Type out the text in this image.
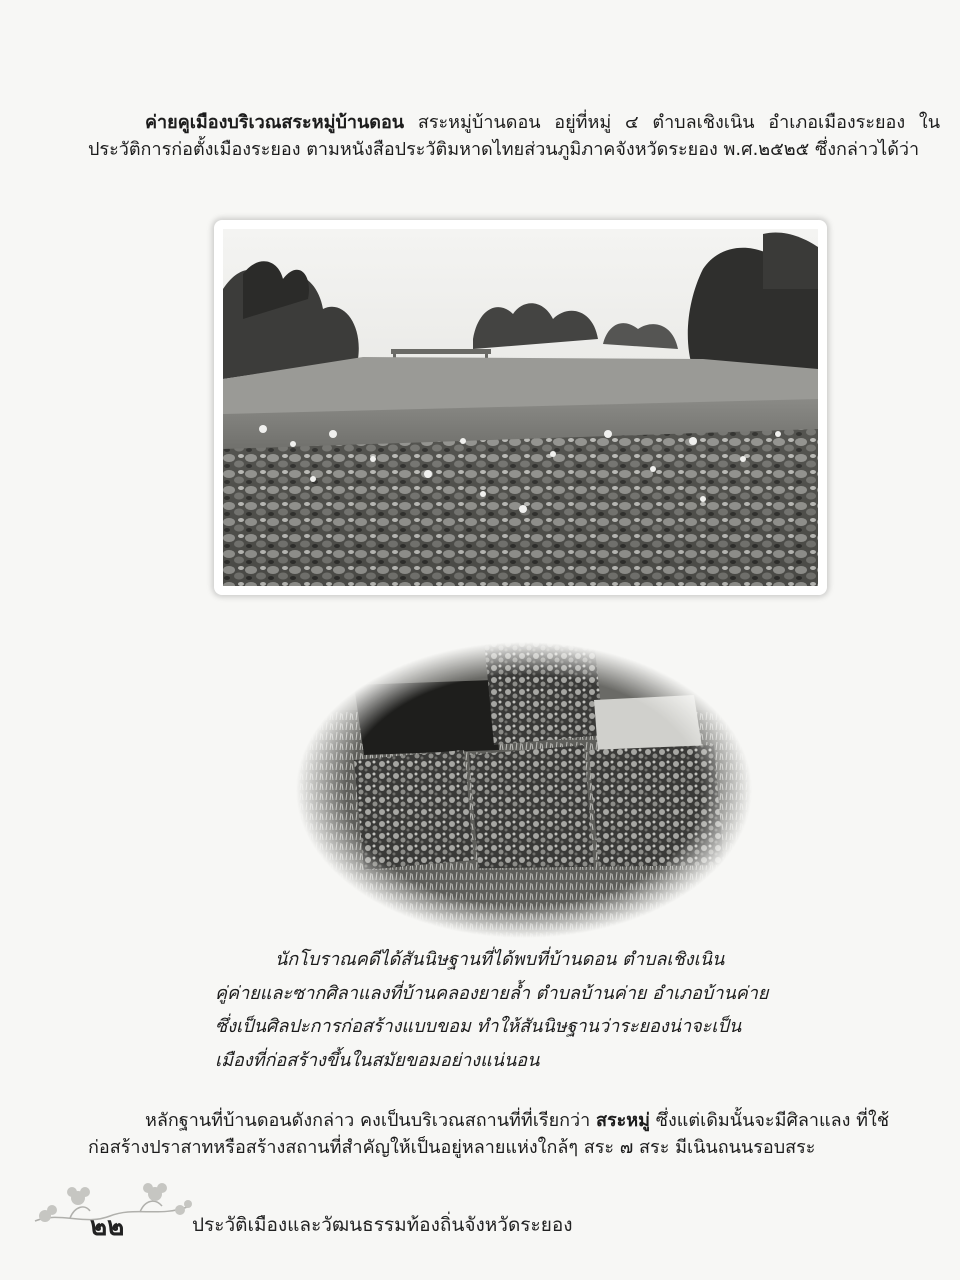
ค่ายคูเมืองบริเวณสระหมู่บ้านดอน สระหมู่บ้านดอน อยู่ที่หมู่ ๔ ตำบลเชิงเนิน อำเภอเมืองระยอง ในประวัติการก่อตั้งเมืองระยอง ตามหนังสือประวัติมหาดไทยส่วนภูมิภาคจังหวัดระยอง พ.ศ.๒๕๒๕ ซึ่งกล่าวได้ว่า

นักโบราณคดีได้สันนิษฐานที่ได้พบที่บ้านดอน ตำบลเชิงเนิน
คู่ค่ายและซากศิลาแลงที่บ้านคลองยายล้ำ ตำบลบ้านค่าย อำเภอบ้านค่าย
ซึ่งเป็นศิลปะการก่อสร้างแบบขอม ทำให้สันนิษฐานว่าระยองน่าจะเป็น
เมืองที่ก่อสร้างขึ้นในสมัยขอมอย่างแน่นอน

หลักฐานที่บ้านดอนดังกล่าว คงเป็นบริเวณสถานที่ที่เรียกว่า สระหมู่ ซึ่งแต่เดิมนั้นจะมีศิลาแลง ที่ใช้ก่อสร้างปราสาทหรือสร้างสถานที่สำคัญให้เป็นอยู่หลายแห่งใกล้ๆ สระ ๗ สระ มีเนินถนนรอบสระ

๒๒	ประวัติเมืองและวัฒนธรรมท้องถิ่นจังหวัดระยอง
